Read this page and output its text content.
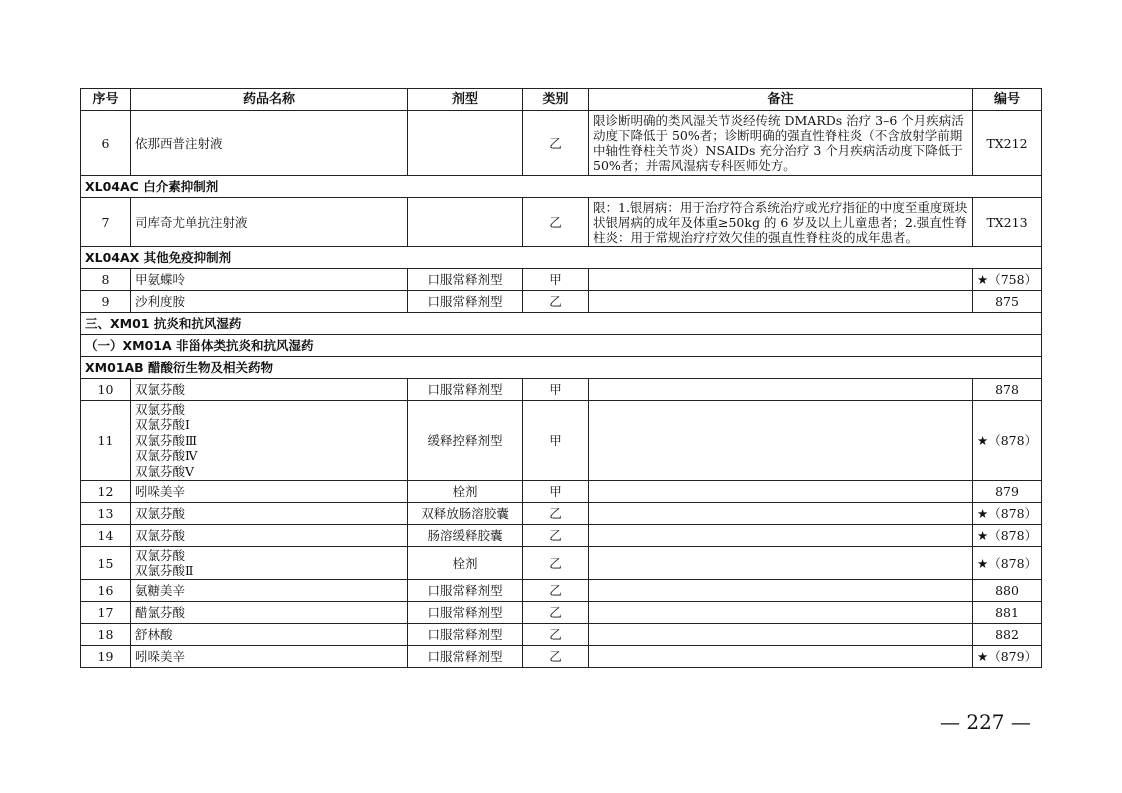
序号	药品名称	剂型	类别	备注	编号
6	依那西普注射液		乙	限诊断明确的类风湿关节炎经传统 DMARDs 治疗 3–6 个月疾病活动度下降低于 50%者；诊断明确的强直性脊柱炎（不含放射学前期中轴性脊柱关节炎）NSAIDs 充分治疗 3 个月疾病活动度下降低于 50%者；并需风湿病专科医师处方。	TX212
XL04AC 白介素抑制剂					
7	司库奇尤单抗注射液		乙	限：1.银屑病：用于治疗符合系统治疗或光疗指征的中度至重度斑块状银屑病的成年及体重≥50kg 的 6 岁及以上儿童患者；2.强直性脊柱炎：用于常规治疗疗效欠佳的强直性脊柱炎的成年患者。	TX213
XL04AX 其他免疫抑制剂					
8	甲氨蝶呤	口服常释剂型	甲		★（758）
9	沙利度胺	口服常释剂型	乙		875
三、XM01 抗炎和抗风湿药					
（一）XM01A 非甾体类抗炎和抗风湿药					
XM01AB 醋酸衍生物及相关药物					
10	双氯芬酸	口服常释剂型	甲		878
11	双氯芬酸
双氯芬酸Ⅰ
双氯芬酸Ⅲ
双氯芬酸Ⅳ
双氯芬酸Ⅴ	缓释控释剂型	甲		★（878）
12	吲哚美辛	栓剂	甲		879
13	双氯芬酸	双释放肠溶胶囊	乙		★（878）
14	双氯芬酸	肠溶缓释胶囊	乙		★（878）
15	双氯芬酸
双氯芬酸Ⅱ	栓剂	乙		★（878）
16	氨糖美辛	口服常释剂型	乙		880
17	醋氯芬酸	口服常释剂型	乙		881
18	舒林酸	口服常释剂型	乙		882
19	吲哚美辛	口服常释剂型	乙		★（879）
— 227 —
